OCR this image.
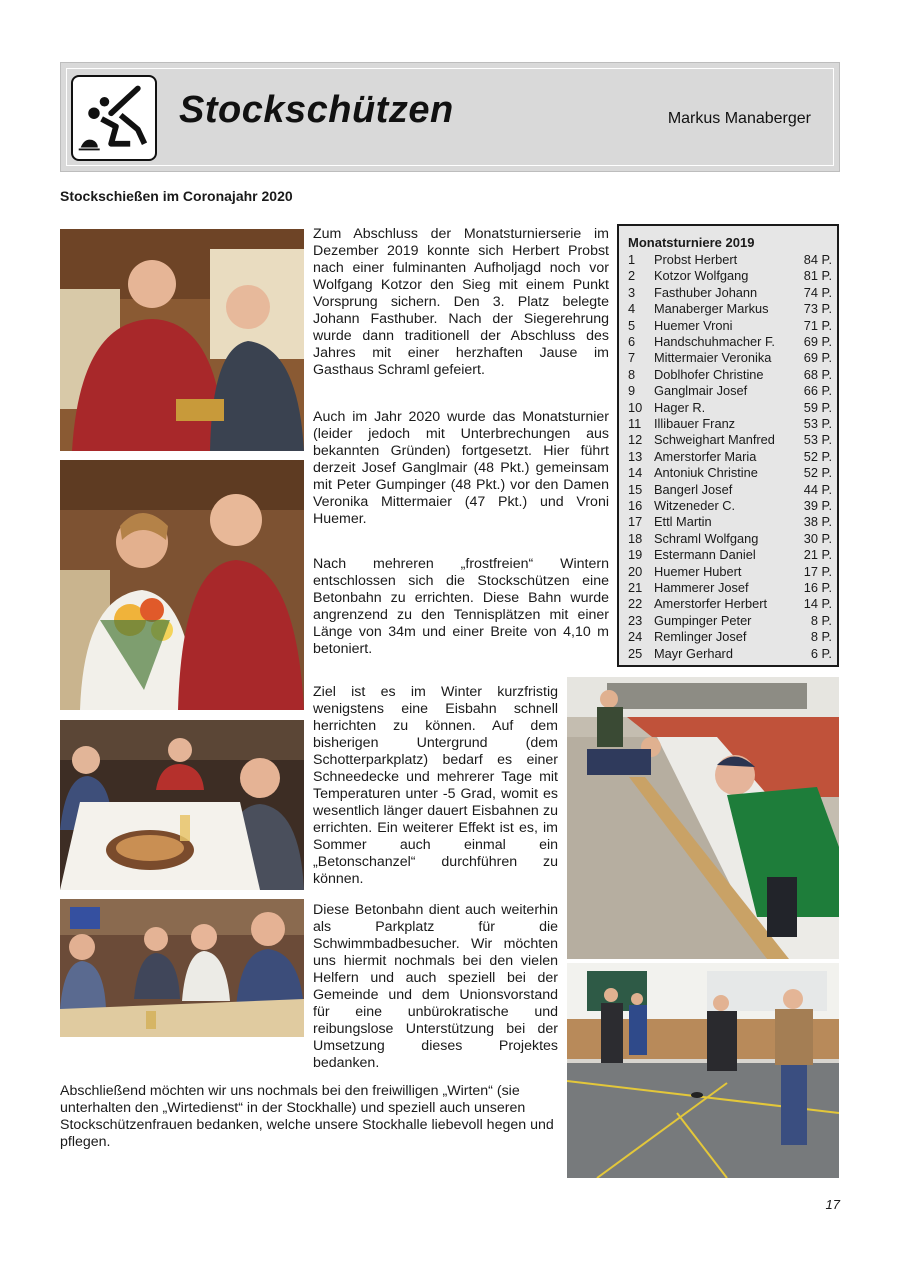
Stockschützen	Markus Manaberger
Stockschießen im Coronajahr 2020

Zum Abschluss der Monatsturnierserie im Dezember 2019 konnte sich Herbert Probst nach einer fulminanten Aufholjagd noch vor Wolfgang Kotzor den Sieg mit einem Punkt Vorsprung sichern. Den 3. Platz belegte Johann Fasthuber. Nach der Siegerehrung wurde dann traditionell der Abschluss des Jahres mit einer herzhaften Jause im Gasthaus Schraml gefeiert.

Auch im Jahr 2020 wurde das Monatsturnier (leider jedoch mit Unterbrechungen aus bekannten Gründen) fortgesetzt. Hier führt derzeit Josef Ganglmair (48 Pkt.) gemeinsam mit Peter Gumpinger (48 Pkt.) vor den Damen Veronika Mittermaier (47 Pkt.) und Vroni Huemer.

Nach mehreren „frostfreien“ Wintern entschlossen sich die Stockschützen eine Betonbahn zu errichten. Diese Bahn wurde angrenzend zu den Tennisplätzen mit einer Länge von 34m und einer Breite von 4,10 m betoniert.

Ziel ist es im Winter kurzfristig wenigstens eine Eisbahn schnell herrichten zu können. Auf dem bisherigen Untergrund (dem Schotterparkplatz) bedarf es einer Schneedecke und mehrerer Tage mit Temperaturen unter -5 Grad, womit es wesentlich länger dauert Eisbahnen zu errichten. Ein weiterer Effekt ist es, im Sommer auch einmal ein „Betonschanzel“ durchführen zu können.

Diese Betonbahn dient auch weiterhin als Parkplatz für die Schwimmbadbesucher. Wir möchten uns hiermit nochmals bei den vielen Helfern und auch speziell bei der Gemeinde und dem Unionsvorstand für eine unbürokratische und reibungslose Unterstützung bei der Umsetzung dieses Projektes bedanken.

Abschließend möchten wir uns nochmals bei den freiwilligen „Wirten“ (sie unterhalten den „Wirtedienst“ in der Stockhalle) und speziell auch unseren Stockschützenfrauen bedanken, welche unsere Stockhalle liebevoll hegen und pflegen.

Monatsturniere 2019
1 Probst Herbert	84 P.
2 Kotzor Wolfgang	81 P.
3 Fasthuber Johann	74 P.
4 Manaberger Markus	73 P.
5 Huemer Vroni	71 P.
6 Handschuhmacher F. 69 P.
7 Mittermaier Veronika	69 P.
8 Doblhofer Christine	68 P.
9 Ganglmair Josef	66 P.
10 Hager R.	59 P.
11 Illibauer Franz	53 P.
12 Schweighart Manfred 53 P.
13 Amerstorfer Maria	52 P.
14 Antoniuk Christine	52 P.
15 Bangerl Josef	44 P.
16 Witzeneder C.	39 P.
17 Ettl Martin	38 P.
18 Schraml Wolfgang	30 P.
19 Estermann Daniel	21 P.
20 Huemer Hubert	17 P.
21 Hammerer Josef	16 P.
22 Amerstorfer Herbert	14 P.
23 Gumpinger Peter	8 P.
24 Remlinger Josef	8 P.
25 Mayr Gerhard	6 P.
17
